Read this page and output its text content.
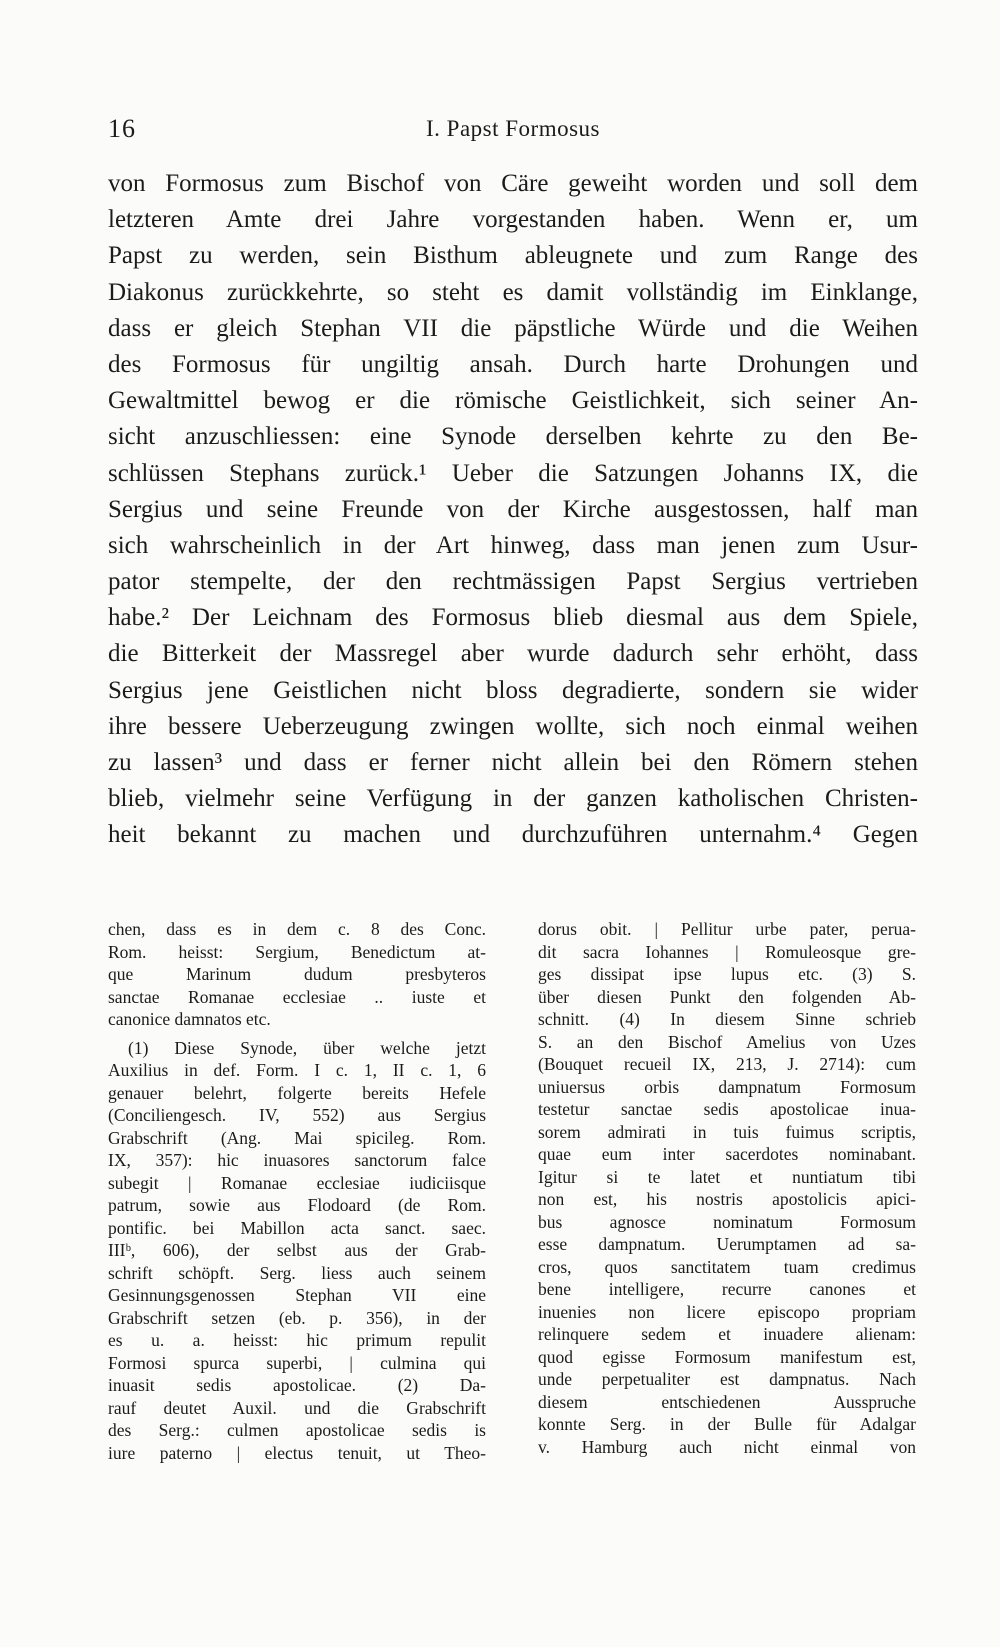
16	I. Papst Formosus
von Formosus zum Bischof von Cäre geweiht worden und soll dem
letzteren Amte drei Jahre vorgestanden haben. Wenn er, um
Papst zu werden, sein Bisthum ableugnete und zum Range des
Diakonus zurückkehrte, so steht es damit vollständig im Einklange,
dass er gleich Stephan VII die päpstliche Würde und die Weihen
des Formosus für ungiltig ansah. Durch harte Drohungen und
Gewaltmittel bewog er die römische Geistlichkeit, sich seiner An-
sicht anzuschliessen: eine Synode derselben kehrte zu den Be-
schlüssen Stephans zurück.¹ Ueber die Satzungen Johanns IX, die
Sergius und seine Freunde von der Kirche ausgestossen, half man
sich wahrscheinlich in der Art hinweg, dass man jenen zum Usur-
pator stempelte, der den rechtmässigen Papst Sergius vertrieben
habe.² Der Leichnam des Formosus blieb diesmal aus dem Spiele,
die Bitterkeit der Massregel aber wurde dadurch sehr erhöht, dass
Sergius jene Geistlichen nicht bloss degradierte, sondern sie wider
ihre bessere Ueberzeugung zwingen wollte, sich noch einmal weihen
zu lassen³ und dass er ferner nicht allein bei den Römern stehen
blieb, vielmehr seine Verfügung in der ganzen katholischen Christen-
heit bekannt zu machen und durchzuführen unternahm.⁴ Gegen
chen, dass es in dem c. 8 des Conc.
Rom. heisst: Sergium, Benedictum at-
que Marinum dudum presbyteros
sanctae Romanae ecclesiae .. iuste et
canonice damnatos etc.
(1) Diese Synode, über welche jetzt
Auxilius in def. Form. I c. 1, II c. 1, 6
genauer belehrt, folgerte bereits Hefele
(Conciliengesch. IV, 552) aus Sergius
Grabschrift (Ang. Mai spicileg. Rom.
IX, 357): hic inuasores sanctorum falce
subegit | Romanae ecclesiae iudiciisque
patrum, sowie aus Flodoard (de Rom.
pontific. bei Mabillon acta sanct. saec.
IIIᵇ, 606), der selbst aus der Grab-
schrift schöpft. Serg. liess auch seinem
Gesinnungsgenossen Stephan VII eine
Grabschrift setzen (eb. p. 356), in der
es u. a. heisst: hic primum repulit
Formosi spurca superbi, | culmina qui
inuasit sedis apostolicae. (2) Da-
rauf deutet Auxil. und die Grabschrift
des Serg.: culmen apostolicae sedis is
iure paterno | electus tenuit, ut Theo-
dorus obit. | Pellitur urbe pater, perua-
dit sacra Iohannes | Romuleosque gre-
ges dissipat ipse lupus etc. (3) S.
über diesen Punkt den folgenden Ab-
schnitt. (4) In diesem Sinne schrieb
S. an den Bischof Amelius von Uzes
(Bouquet recueil IX, 213, J. 2714): cum
uniuersus orbis dampnatum Formosum
testetur sanctae sedis apostolicae inua-
sorem admirati in tuis fuimus scriptis,
quae eum inter sacerdotes nominabant.
Igitur si te latet et nuntiatum tibi
non est, his nostris apostolicis apici-
bus agnosce nominatum Formosum
esse dampnatum. Uerumptamen ad sa-
cros, quos sanctitatem tuam credimus
bene intelligere, recurre canones et
inuenies non licere episcopo propriam
relinquere sedem et inuadere alienam:
quod egisse Formosum manifestum est,
unde perpetualiter est dampnatus. Nach
diesem entschiedenen Ausspruche
konnte Serg. in der Bulle für Adalgar
v. Hamburg auch nicht einmal von
